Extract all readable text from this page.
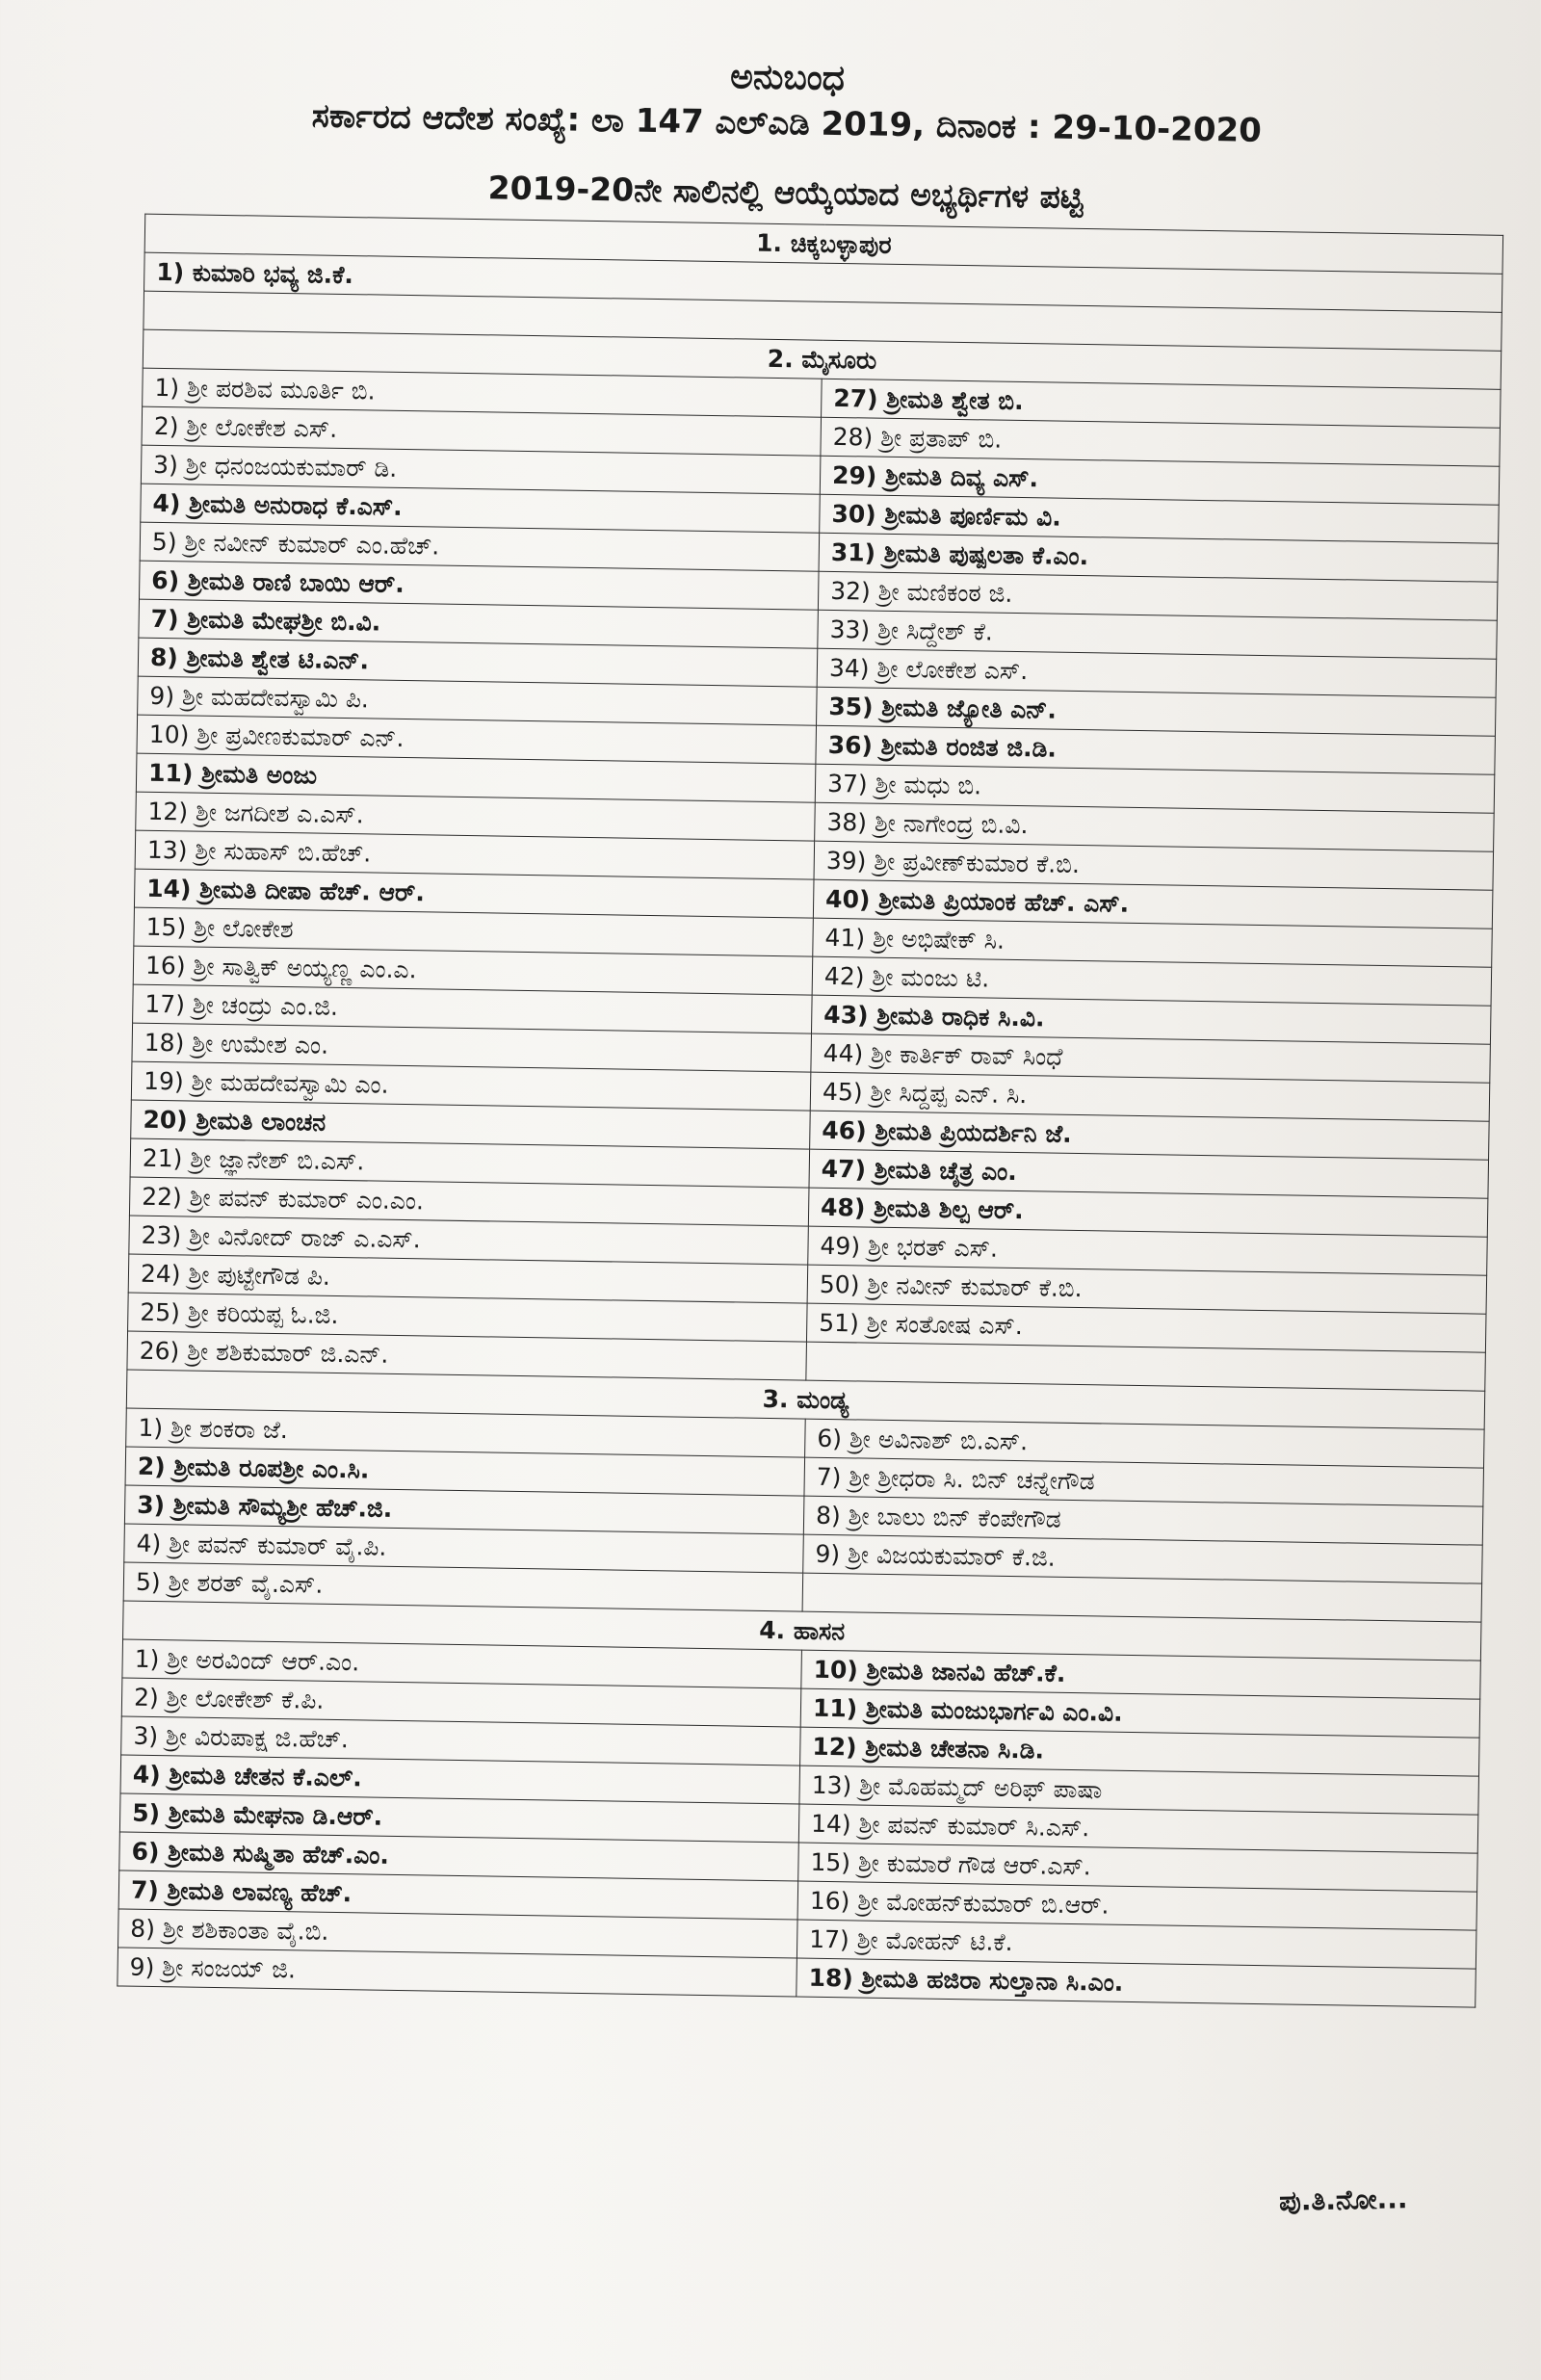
ಅನುಬಂಧ
ಸರ್ಕಾರದ ಆದೇಶ ಸಂಖ್ಯೆ: ಲಾ 147 ಎಲ್ಎಡಿ 2019, ದಿನಾಂಕ : 29-10-2020
2019-20ನೇ ಸಾಲಿನಲ್ಲಿ ಆಯ್ಕೆಯಾದ ಅಭ್ಯರ್ಥಿಗಳ ಪಟ್ಟಿ
1. ಚಿಕ್ಕಬಳ್ಳಾಪುರ	
1) ಕುಮಾರಿ ಭವ್ಯ ಜಿ.ಕೆ.	

2. ಮೈಸೂರು	
1) ಶ್ರೀ ಪರಶಿವ ಮೂರ್ತಿ ಬಿ.	27) ಶ್ರೀಮತಿ ಶ್ವೇತ ಬಿ.
2) ಶ್ರೀ ಲೋಕೇಶ ಎಸ್.	28) ಶ್ರೀ ಪ್ರತಾಪ್ ಬಿ.
3) ಶ್ರೀ ಧನಂಜಯಕುಮಾರ್ ಡಿ.	29) ಶ್ರೀಮತಿ ದಿವ್ಯ ಎಸ್.
4) ಶ್ರೀಮತಿ ಅನುರಾಧ ಕೆ.ಎಸ್.	30) ಶ್ರೀಮತಿ ಪೂರ್ಣಿಮ ವಿ.
5) ಶ್ರೀ ನವೀನ್ ಕುಮಾರ್ ಎಂ.ಹೆಚ್.	31) ಶ್ರೀಮತಿ ಪುಷ್ಪಲತಾ ಕೆ.ಎಂ.
6) ಶ್ರೀಮತಿ ರಾಣಿ ಬಾಯಿ ಆರ್.	32) ಶ್ರೀ ಮಣಿಕಂಠ ಜಿ.
7) ಶ್ರೀಮತಿ ಮೇಘಶ್ರೀ ಬಿ.ವಿ.	33) ಶ್ರೀ ಸಿದ್ದೇಶ್ ಕೆ.
8) ಶ್ರೀಮತಿ ಶ್ವೇತ ಟಿ.ಎನ್.	34) ಶ್ರೀ ಲೋಕೇಶ ಎಸ್.
9) ಶ್ರೀ ಮಹದೇವಸ್ವಾಮಿ ಪಿ.	35) ಶ್ರೀಮತಿ ಜ್ಯೋತಿ ಎನ್.
10) ಶ್ರೀ ಪ್ರವೀಣಕುಮಾರ್ ಎನ್.	36) ಶ್ರೀಮತಿ ರಂಜಿತ ಜಿ.ಡಿ.
11) ಶ್ರೀಮತಿ ಅಂಜು	37) ಶ್ರೀ ಮಧು ಬಿ.
12) ಶ್ರೀ ಜಗದೀಶ ಎ.ಎಸ್.	38) ಶ್ರೀ ನಾಗೇಂದ್ರ ಬಿ.ವಿ.
13) ಶ್ರೀ ಸುಹಾಸ್ ಬಿ.ಹೆಚ್.	39) ಶ್ರೀ ಪ್ರವೀಣ್‌ಕುಮಾರ ಕೆ.ಬಿ.
14) ಶ್ರೀಮತಿ ದೀಪಾ ಹೆಚ್. ಆರ್.	40) ಶ್ರೀಮತಿ ಪ್ರಿಯಾಂಕ ಹೆಚ್. ಎಸ್.
15) ಶ್ರೀ ಲೋಕೇಶ	41) ಶ್ರೀ ಅಭಿಷೇಕ್ ಸಿ.
16) ಶ್ರೀ ಸಾತ್ವಿಕ್ ಅಯ್ಯಣ್ಣ ಎಂ.ಎ.	42) ಶ್ರೀ ಮಂಜು ಟಿ.
17) ಶ್ರೀ ಚಂದ್ರು ಎಂ.ಜಿ.	43) ಶ್ರೀಮತಿ ರಾಧಿಕ ಸಿ.ವಿ.
18) ಶ್ರೀ ಉಮೇಶ ಎಂ.	44) ಶ್ರೀ ಕಾರ್ತಿಕ್ ರಾವ್ ಸಿಂಧೆ
19) ಶ್ರೀ ಮಹದೇವಸ್ವಾಮಿ ಎಂ.	45) ಶ್ರೀ ಸಿದ್ದಪ್ಪ ಎನ್. ಸಿ.
20) ಶ್ರೀಮತಿ ಲಾಂಚನ	46) ಶ್ರೀಮತಿ ಪ್ರಿಯದರ್ಶಿನಿ ಜೆ.
21) ಶ್ರೀ ಜ್ಞಾನೇಶ್ ಬಿ.ಎಸ್.	47) ಶ್ರೀಮತಿ ಚೈತ್ರ ಎಂ.
22) ಶ್ರೀ ಪವನ್ ಕುಮಾರ್ ಎಂ.ಎಂ.	48) ಶ್ರೀಮತಿ ಶಿಲ್ಪ ಆರ್.
23) ಶ್ರೀ ವಿನೋದ್ ರಾಜ್ ಎ.ಎಸ್.	49) ಶ್ರೀ ಭರತ್ ಎಸ್.
24) ಶ್ರೀ ಪುಟ್ಟೇಗೌಡ ಪಿ.	50) ಶ್ರೀ ನವೀನ್ ಕುಮಾರ್ ಕೆ.ಬಿ.
25) ಶ್ರೀ ಕರಿಯಪ್ಪ ಓ.ಜಿ.	51) ಶ್ರೀ ಸಂತೋಷ ಎಸ್.
26) ಶ್ರೀ ಶಶಿಕುಮಾರ್ ಜಿ.ಎನ್.	
3. ಮಂಡ್ಯ	
1) ಶ್ರೀ ಶಂಕರಾ ಜೆ.	6) ಶ್ರೀ ಅವಿನಾಶ್ ಬಿ.ಎಸ್.
2) ಶ್ರೀಮತಿ ರೂಪಶ್ರೀ ಎಂ.ಸಿ.	7) ಶ್ರೀ ಶ್ರೀಧರಾ ಸಿ. ಬಿನ್ ಚನ್ನೇಗೌಡ
3) ಶ್ರೀಮತಿ ಸೌಮ್ಯಶ್ರೀ ಹೆಚ್.ಜಿ.	8) ಶ್ರೀ ಬಾಲು ಬಿನ್ ಕೆಂಪೇಗೌಡ
4) ಶ್ರೀ ಪವನ್ ಕುಮಾರ್ ವೈ.ಪಿ.	9) ಶ್ರೀ ವಿಜಯಕುಮಾರ್ ಕೆ.ಜಿ.
5) ಶ್ರೀ ಶರತ್ ವೈ.ಎಸ್.	
4. ಹಾಸನ	
1) ಶ್ರೀ ಅರವಿಂದ್ ಆರ್.ಎಂ.	10) ಶ್ರೀಮತಿ ಜಾನವಿ ಹೆಚ್.ಕೆ.
2) ಶ್ರೀ ಲೋಕೇಶ್ ಕೆ.ಪಿ.	11) ಶ್ರೀಮತಿ ಮಂಜುಭಾರ್ಗವಿ ಎಂ.ವಿ.
3) ಶ್ರೀ ವಿರುಪಾಕ್ಷ ಜಿ.ಹೆಚ್.	12) ಶ್ರೀಮತಿ ಚೇತನಾ ಸಿ.ಡಿ.
4) ಶ್ರೀಮತಿ ಚೇತನ ಕೆ.ಎಲ್.	13) ಶ್ರೀ ಮೊಹಮ್ಮದ್ ಅರಿಫ್ ಪಾಷಾ
5) ಶ್ರೀಮತಿ ಮೇಘನಾ ಡಿ.ಆರ್.	14) ಶ್ರೀ ಪವನ್ ಕುಮಾರ್ ಸಿ.ಎಸ್.
6) ಶ್ರೀಮತಿ ಸುಷ್ಮಿತಾ ಹೆಚ್.ಎಂ.	15) ಶ್ರೀ ಕುಮಾರೆ ಗೌಡ ಆರ್.ಎಸ್.
7) ಶ್ರೀಮತಿ ಲಾವಣ್ಯ ಹೆಚ್.	16) ಶ್ರೀ ಮೋಹನ್‌ಕುಮಾರ್ ಬಿ.ಆರ್.
8) ಶ್ರೀ ಶಶಿಕಾಂತಾ ವೈ.ಬಿ.	17) ಶ್ರೀ ಮೋಹನ್ ಟಿ.ಕೆ.
9) ಶ್ರೀ ಸಂಜಯ್ ಜಿ.	18) ಶ್ರೀಮತಿ ಹಜಿರಾ ಸುಲ್ತಾನಾ ಸಿ.ಎಂ.
ಪು.ತಿ.ನೋ...
